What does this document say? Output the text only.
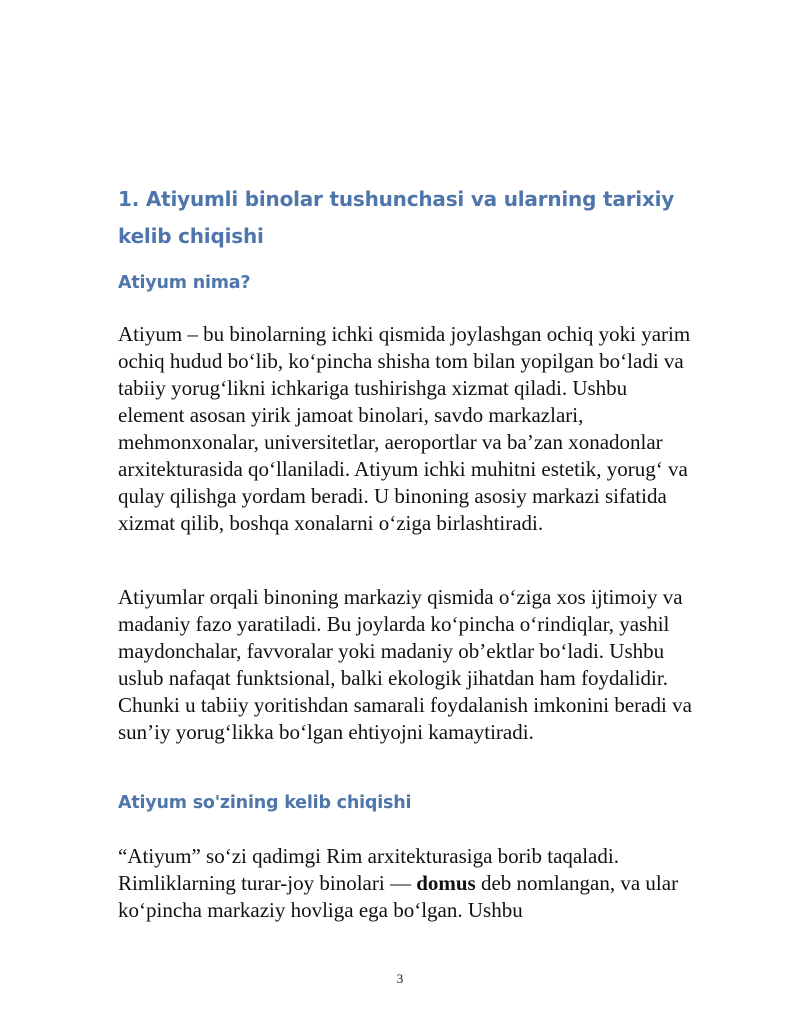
1. Atiyumli binolar tushunchasi va ularning tarixiy kelib chiqishi
Atiyum nima?

Atiyum – bu binolarning ichki qismida joylashgan ochiq yoki yarim ochiq hudud bo‘lib, ko‘pincha shisha tom bilan yopilgan bo‘ladi va tabiiy yorug‘likni ichkariga tushirishga xizmat qiladi. Ushbu element asosan yirik jamoat binolari, savdo markazlari, mehmonxonalar, universitetlar, aeroportlar va ba’zan xonadonlar arxitekturasida qo‘llaniladi. Atiyum ichki muhitni estetik, yorug‘ va qulay qilishga yordam beradi. U binoning asosiy markazi sifatida xizmat qilib, boshqa xonalarni o‘ziga birlashtiradi.

Atiyumlar orqali binoning markaziy qismida o‘ziga xos ijtimoiy va madaniy fazo yaratiladi. Bu joylarda ko‘pincha o‘rindiqlar, yashil maydonchalar, favvoralar yoki madaniy ob’ektlar bo‘ladi. Ushbu uslub nafaqat funktsional, balki ekologik jihatdan ham foydalidir. Chunki u tabiiy yoritishdan samarali foydalanish imkonini beradi va sun’iy yorug‘likka bo‘lgan ehtiyojni kamaytiradi.

Atiyum so'zining kelib chiqishi

“Atiyum” so‘zi qadimgi Rim arxitekturasiga borib taqaladi. Rimliklarning turar-joy binolari — domus deb nomlangan, va ular ko‘pincha markaziy hovliga ega bo‘lgan. Ushbu

3
